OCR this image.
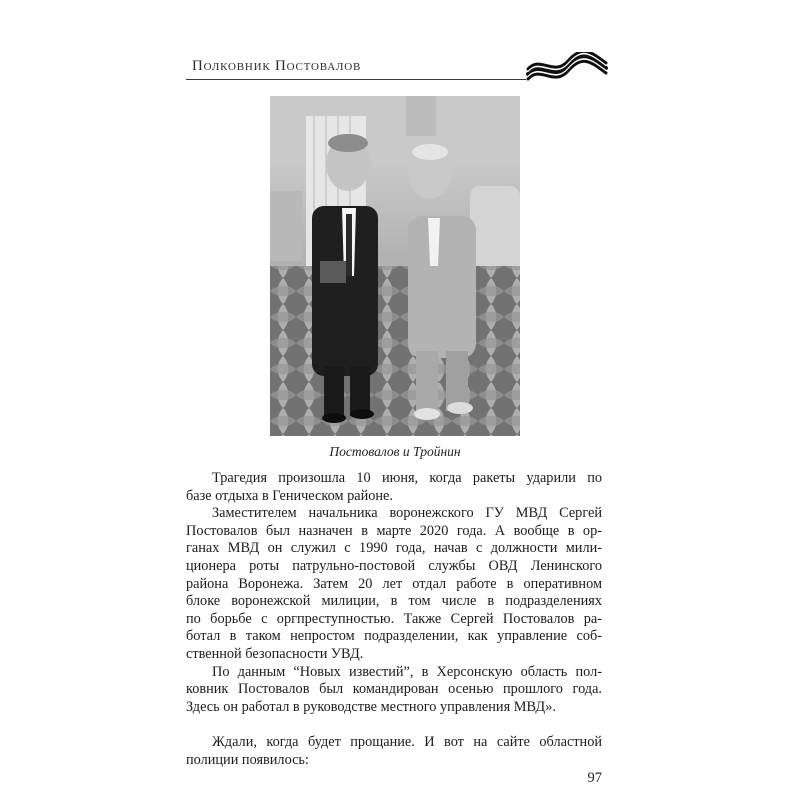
Полковник Постовалов
Постовалов и Тройнин

Трагедия произошла 10 июня, когда ракеты ударили по
базе отдыха в Геническом районе.

Заместителем начальника воронежского ГУ МВД Сергей
Постовалов был назначен в марте 2020 года. А вообще в ор-
ганах МВД он служил с 1990 года, начав с должности мили-
ционера роты патрульно-постовой службы ОВД Ленинского
района Воронежа. Затем 20 лет отдал работе в оперативном
блоке воронежской милиции, в том числе в подразделениях
по борьбе с оргпреступностью. Также Сергей Постовалов ра-
ботал в таком непростом подразделении, как управление соб-
ственной безопасности УВД.

По данным “Новых известий”, в Херсонскую область пол-
ковник Постовалов был командирован осенью прошлого года.
Здесь он работал в руководстве местного управления МВД».

Ждали, когда будет прощание. И вот на сайте областной
полиции появилось:

97
